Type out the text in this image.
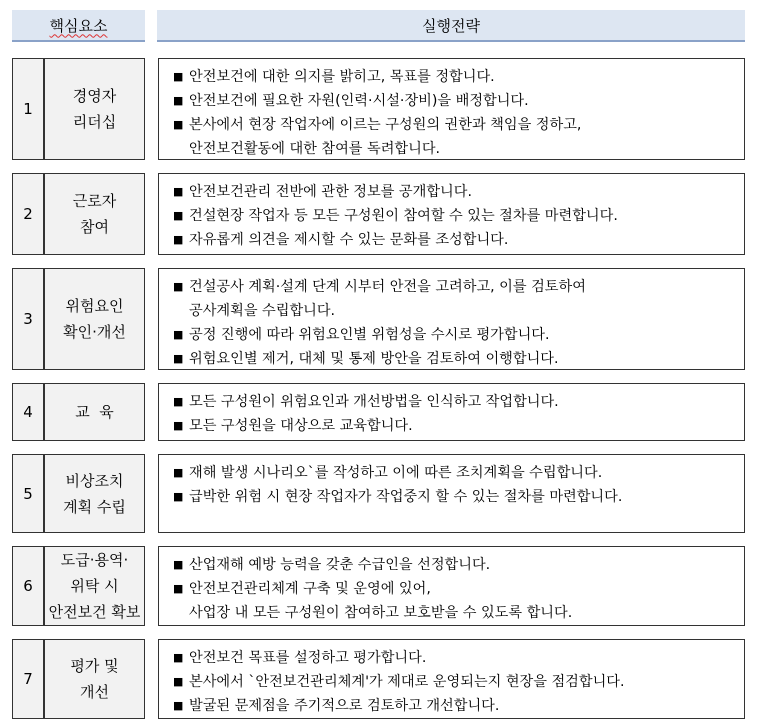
핵심요소	실행전략
1
경영자
리더십
■ 안전보건에 대한 의지를 밝히고, 목표를 정합니다.
■ 안전보건에 필요한 자원(인력·시설·장비)을 배정합니다.
■ 본사에서 현장 작업자에 이르는 구성원의 권한과 책임을 정하고,
안전보건활동에 대한 참여를 독려합니다.
2
근로자
참여
■ 안전보건관리 전반에 관한 정보를 공개합니다.
■ 건설현장 작업자 등 모든 구성원이 참여할 수 있는 절차를 마련합니다.
■ 자유롭게 의견을 제시할 수 있는 문화를 조성합니다.
3
위험요인
확인·개선
■ 건설공사 계획·설계 단계 시부터 안전을 고려하고, 이를 검토하여
공사계획을 수립합니다.
■ 공정 진행에 따라 위험요인별 위험성을 수시로 평가합니다.
■ 위험요인별 제거, 대체 및 통제 방안을 검토하여 이행합니다.
4	교  육
■ 모든 구성원이 위험요인과 개선방법을 인식하고 작업합니다.
■ 모든 구성원을 대상으로 교육합니다.
5
비상조치
계획 수립
■ 재해 발생 시나리오`를 작성하고 이에 따른 조치계획을 수립합니다.
■ 급박한 위험 시 현장 작업자가 작업중지 할 수 있는 절차를 마련합니다.
6
도급·용역·
위탁 시
안전보건 확보
■ 산업재해 예방 능력을 갖춘 수급인을 선정합니다.
■ 안전보건관리체계 구축 및 운영에 있어,
사업장 내 모든 구성원이 참여하고 보호받을 수 있도록 합니다.
7
평가 및
개선
■ 안전보건 목표를 설정하고 평가합니다.
■ 본사에서 `안전보건관리체계'가 제대로 운영되는지 현장을 점검합니다.
■ 발굴된 문제점을 주기적으로 검토하고 개선합니다.
